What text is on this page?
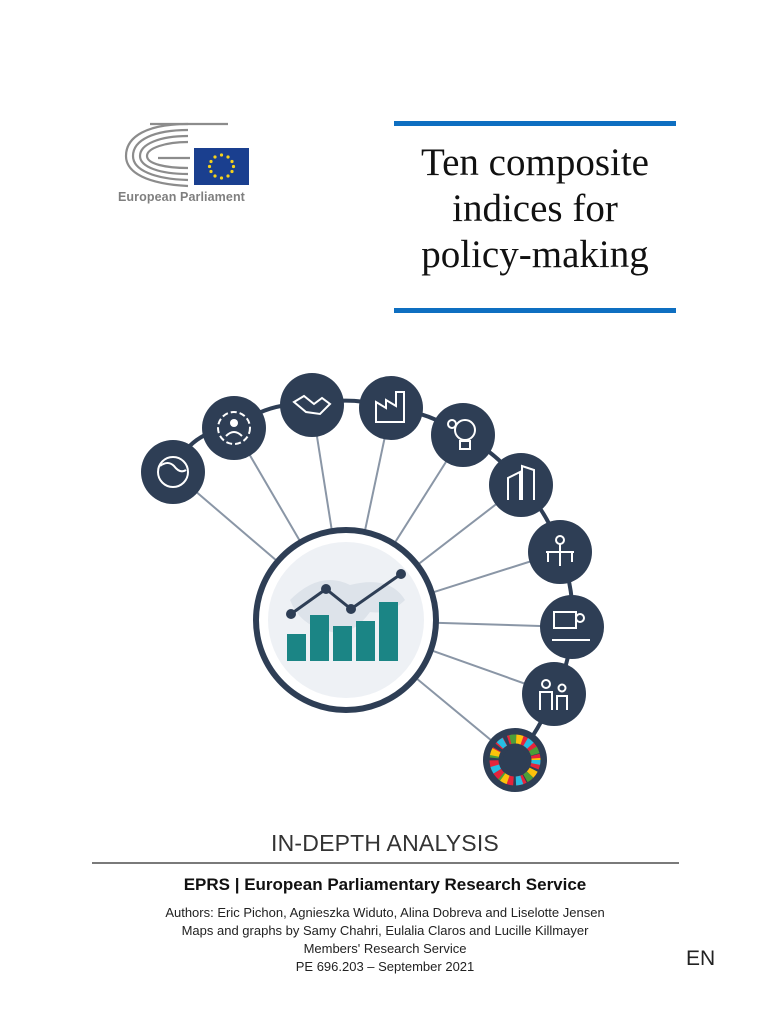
European Parliament
Ten composite
indices for
policy-making
IN-DEPTH ANALYSIS
EPRS | European Parliamentary Research Service
Authors: Eric Pichon, Agnieszka Widuto, Alina Dobreva and Liselotte Jensen
Maps and graphs by Samy Chahri, Eulalia Claros and Lucille Killmayer
Members' Research Service
PE 696.203 – September 2021	EN
